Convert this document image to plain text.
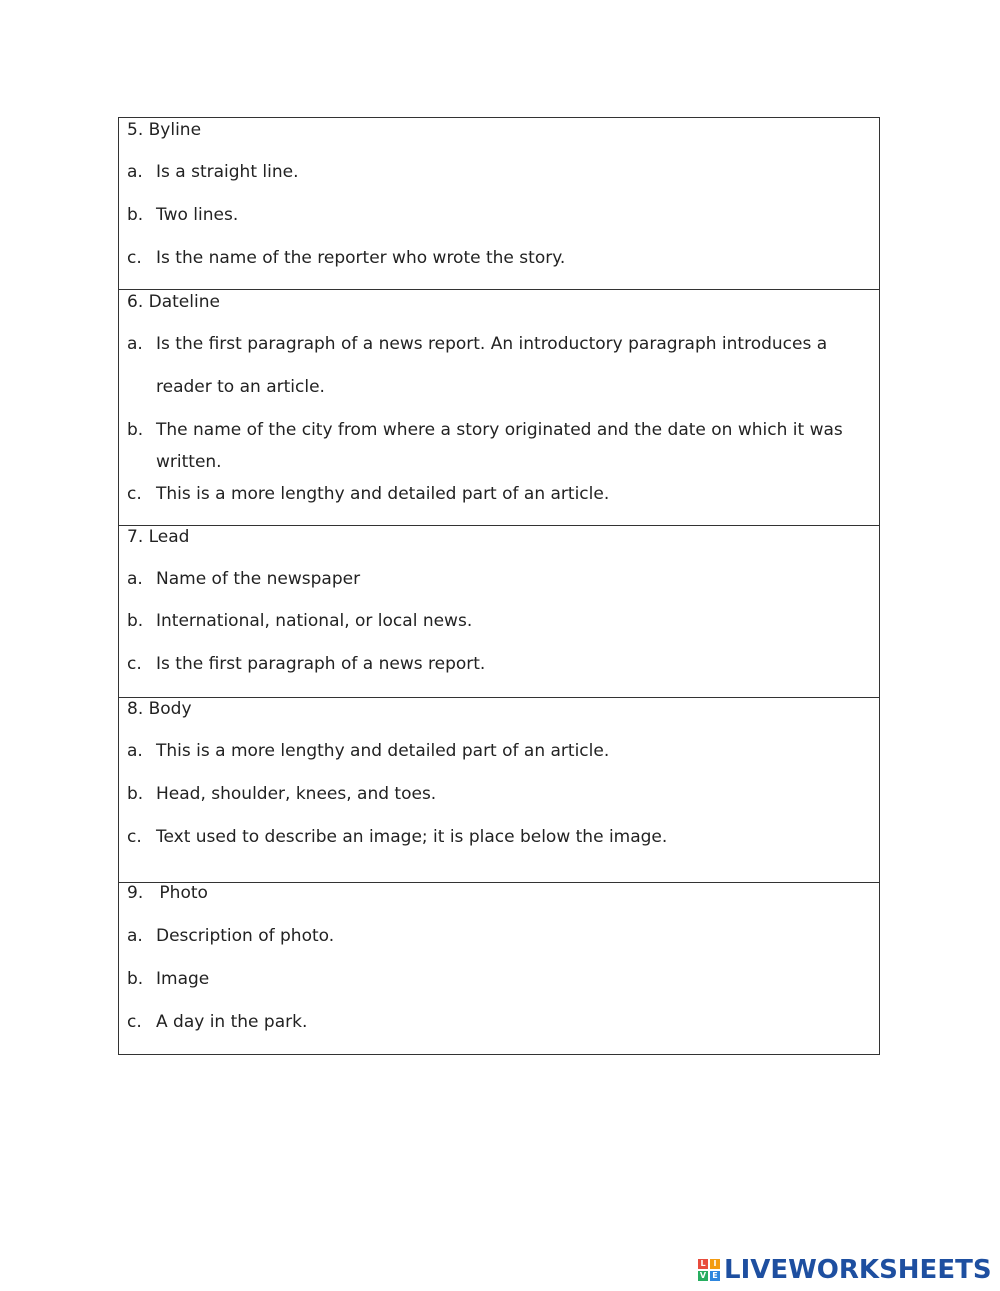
5. Byline
a. Is a straight line.
b. Two lines.
c. Is the name of the reporter who wrote the story.
6. Dateline
a. Is the first paragraph of a news report. An introductory paragraph introduces a
reader to an article.
b. The name of the city from where a story originated and the date on which it was
written.
c. This is a more lengthy and detailed part of an article.
7. Lead
a. Name of the newspaper
b. International, national, or local news.
c. Is the first paragraph of a news report.
8. Body
a. This is a more lengthy and detailed part of an article.
b. Head, shoulder, knees, and toes.
c. Text used to describe an image; it is place below the image.
9.   Photo
a. Description of photo.
b. Image
c. A day in the park.
L I
V E LIVEWORKSHEETS
